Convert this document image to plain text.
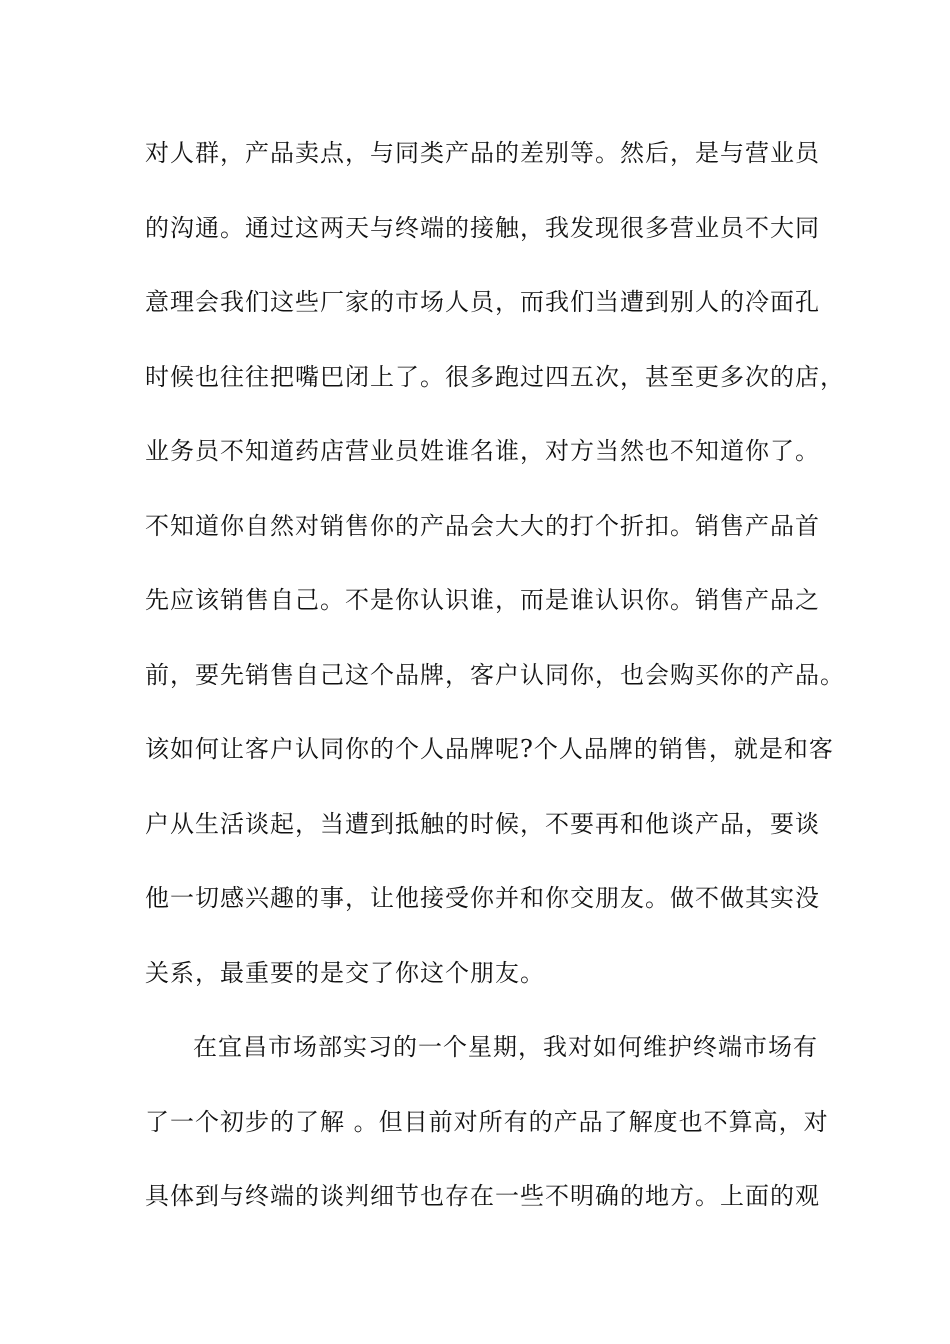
对人群，产品卖点，与同类产品的差别等。然后，是与营业员
的沟通。通过这两天与终端的接触，我发现很多营业员不大同
意理会我们这些厂家的市场人员，而我们当遭到别人的冷面孔
时候也往往把嘴巴闭上了。很多跑过四五次，甚至更多次的店，
业务员不知道药店营业员姓谁名谁，对方当然也不知道你了。
不知道你自然对销售你的产品会大大的打个折扣。销售产品首
先应该销售自己。不是你认识谁，而是谁认识你。销售产品之
前，要先销售自己这个品牌，客户认同你，也会购买你的产品。
该如何让客户认同你的个人品牌呢?个人品牌的销售，就是和客
户从生活谈起，当遭到抵触的时候，不要再和他谈产品，要谈
他一切感兴趣的事，让他接受你并和你交朋友。做不做其实没
关系，最重要的是交了你这个朋友。
在宜昌市场部实习的一个星期，我对如何维护终端市场有
了一个初步的了解 。但目前对所有的产品了解度也不算高，对
具体到与终端的谈判细节也存在一些不明确的地方。上面的观
